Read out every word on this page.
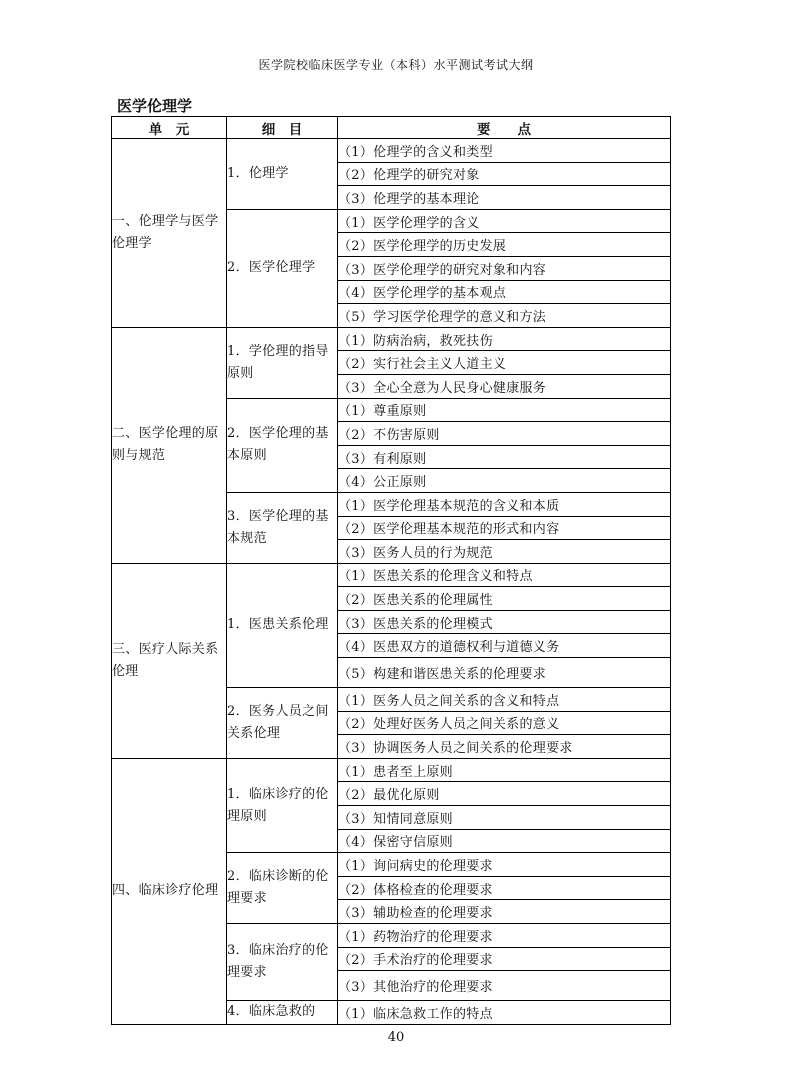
医学院校临床医学专业（本科）水平测试考试大纲
医学伦理学
单　元	细　目	要　　点
一、伦理学与医学伦理学	1．伦理学	（1）伦理学的含义和类型
		（2）伦理学的研究对象
		（3）伦理学的基本理论
	2．医学伦理学	（1）医学伦理学的含义
		（2）医学伦理学的历史发展
		（3）医学伦理学的研究对象和内容
		（4）医学伦理学的基本观点
		（5）学习医学伦理学的意义和方法
二、医学伦理的原则与规范	1．学伦理的指导原则	（1）防病治病，救死扶伤
		（2）实行社会主义人道主义
		（3）全心全意为人民身心健康服务
	2．医学伦理的基本原则	（1）尊重原则
		（2）不伤害原则
		（3）有利原则
		（4）公正原则
	3．医学伦理的基本规范	（1）医学伦理基本规范的含义和本质
		（2）医学伦理基本规范的形式和内容
		（3）医务人员的行为规范
三、医疗人际关系伦理	1．医患关系伦理	（1）医患关系的伦理含义和特点
		（2）医患关系的伦理属性
		（3）医患关系的伦理模式
		（4）医患双方的道德权利与道德义务
		（5）构建和谐医患关系的伦理要求
	2．医务人员之间关系伦理	（1）医务人员之间关系的含义和特点
		（2）处理好医务人员之间关系的意义
		（3）协调医务人员之间关系的伦理要求
四、临床诊疗伦理	1．临床诊疗的伦理原则	（1）患者至上原则
		（2）最优化原则
		（3）知情同意原则
		（4）保密守信原则
	2．临床诊断的伦理要求	（1）询问病史的伦理要求
		（2）体格检查的伦理要求
		（3）辅助检查的伦理要求
	3．临床治疗的伦理要求	（1）药物治疗的伦理要求
		（2）手术治疗的伦理要求
		（3）其他治疗的伦理要求
	4．临床急救的	（1）临床急救工作的特点
40
